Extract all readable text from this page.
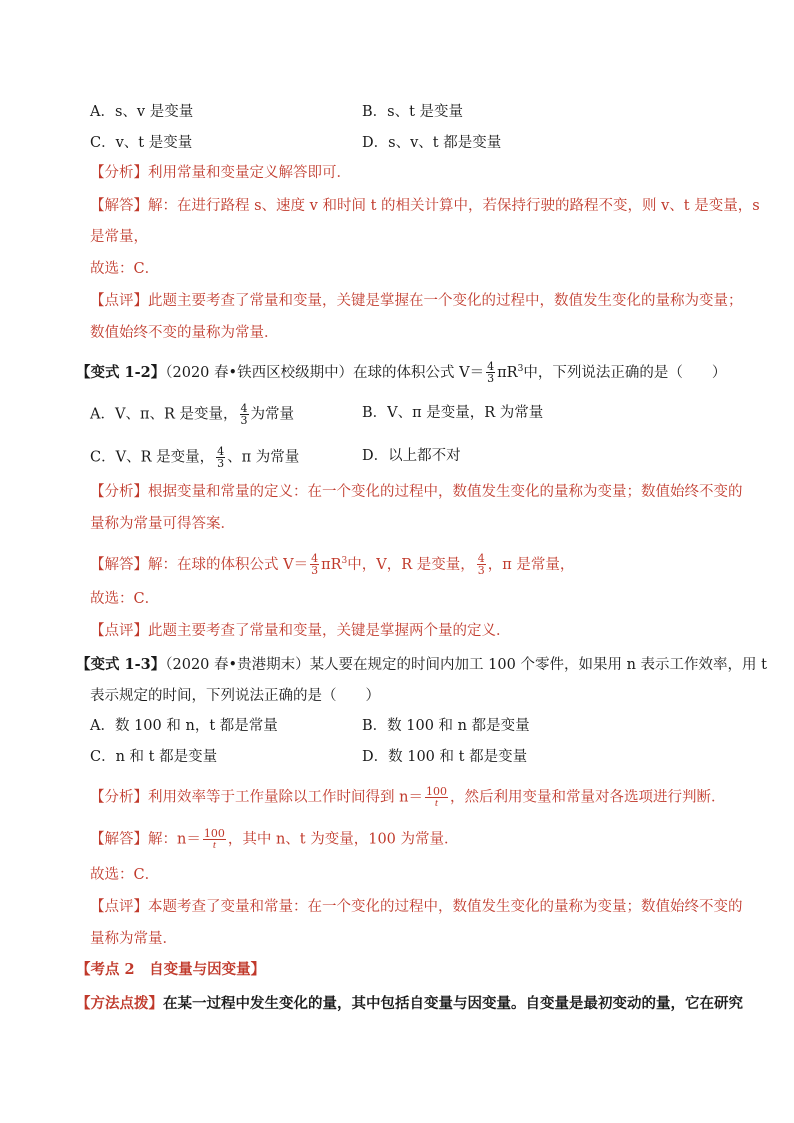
A．s、v 是变量	B．s、t 是变量
C．v、t 是变量	D．s、v、t 都是变量
【分析】利用常量和变量定义解答即可．
【解答】解：在进行路程 s、速度 v 和时间 t 的相关计算中，若保持行驶的路程不变，则 v、t 是变量，s
是常量，
故选：C．
【点评】此题主要考查了常量和变量，关键是掌握在一个变化的过程中，数值发生变化的量称为变量；
数值始终不变的量称为常量．
【变式 1-2】（2020 春•铁西区校级期中）在球的体积公式 $V= \frac{4}{3} \pi R^3$中，下列说法正确的是（　　）
A．V、π、R 是变量， $\frac{4}{3}$ 为常量	B．V、π 是变量，R 为常量
C．V、R 是变量， $\frac{4}{3}$ 、π 为常量	D．以上都不对
【分析】根据变量和常量的定义：在一个变化的过程中，数值发生变化的量称为变量；数值始终不变的
量称为常量可得答案．
【解答】解：在球的体积公式 $V= \frac{4}{3} \pi R^3$中，V，R 是变量， $\frac{4}{3}$ ，π 是常量，
故选：C．
【点评】此题主要考查了常量和变量，关键是掌握两个量的定义．
【变式 1-3】（2020 春•贵港期末）某人要在规定的时间内加工 100 个零件，如果用 n 表示工作效率，用 t
表示规定的时间，下列说法正确的是（　　）
A．数 100 和 n，t 都是常量	B．数 100 和 n 都是变量
C．n 和 t 都是变量	D．数 100 和 t 都是变量
【分析】利用效率等于工作量除以工作时间得到 $n= \frac{100}{t}$ ，然后利用变量和常量对各选项进行判断．
【解答】解：$n= \frac{100}{t}$ ，其中 n、t 为变量，100 为常量．
故选：C．
【点评】本题考查了变量和常量：在一个变化的过程中，数值发生变化的量称为变量；数值始终不变的
量称为常量．
【考点 2　自变量与因变量】
【方法点拨】在某一过程中发生变化的量，其中包括自变量与因变量。自变量是最初变动的量，它在研究
